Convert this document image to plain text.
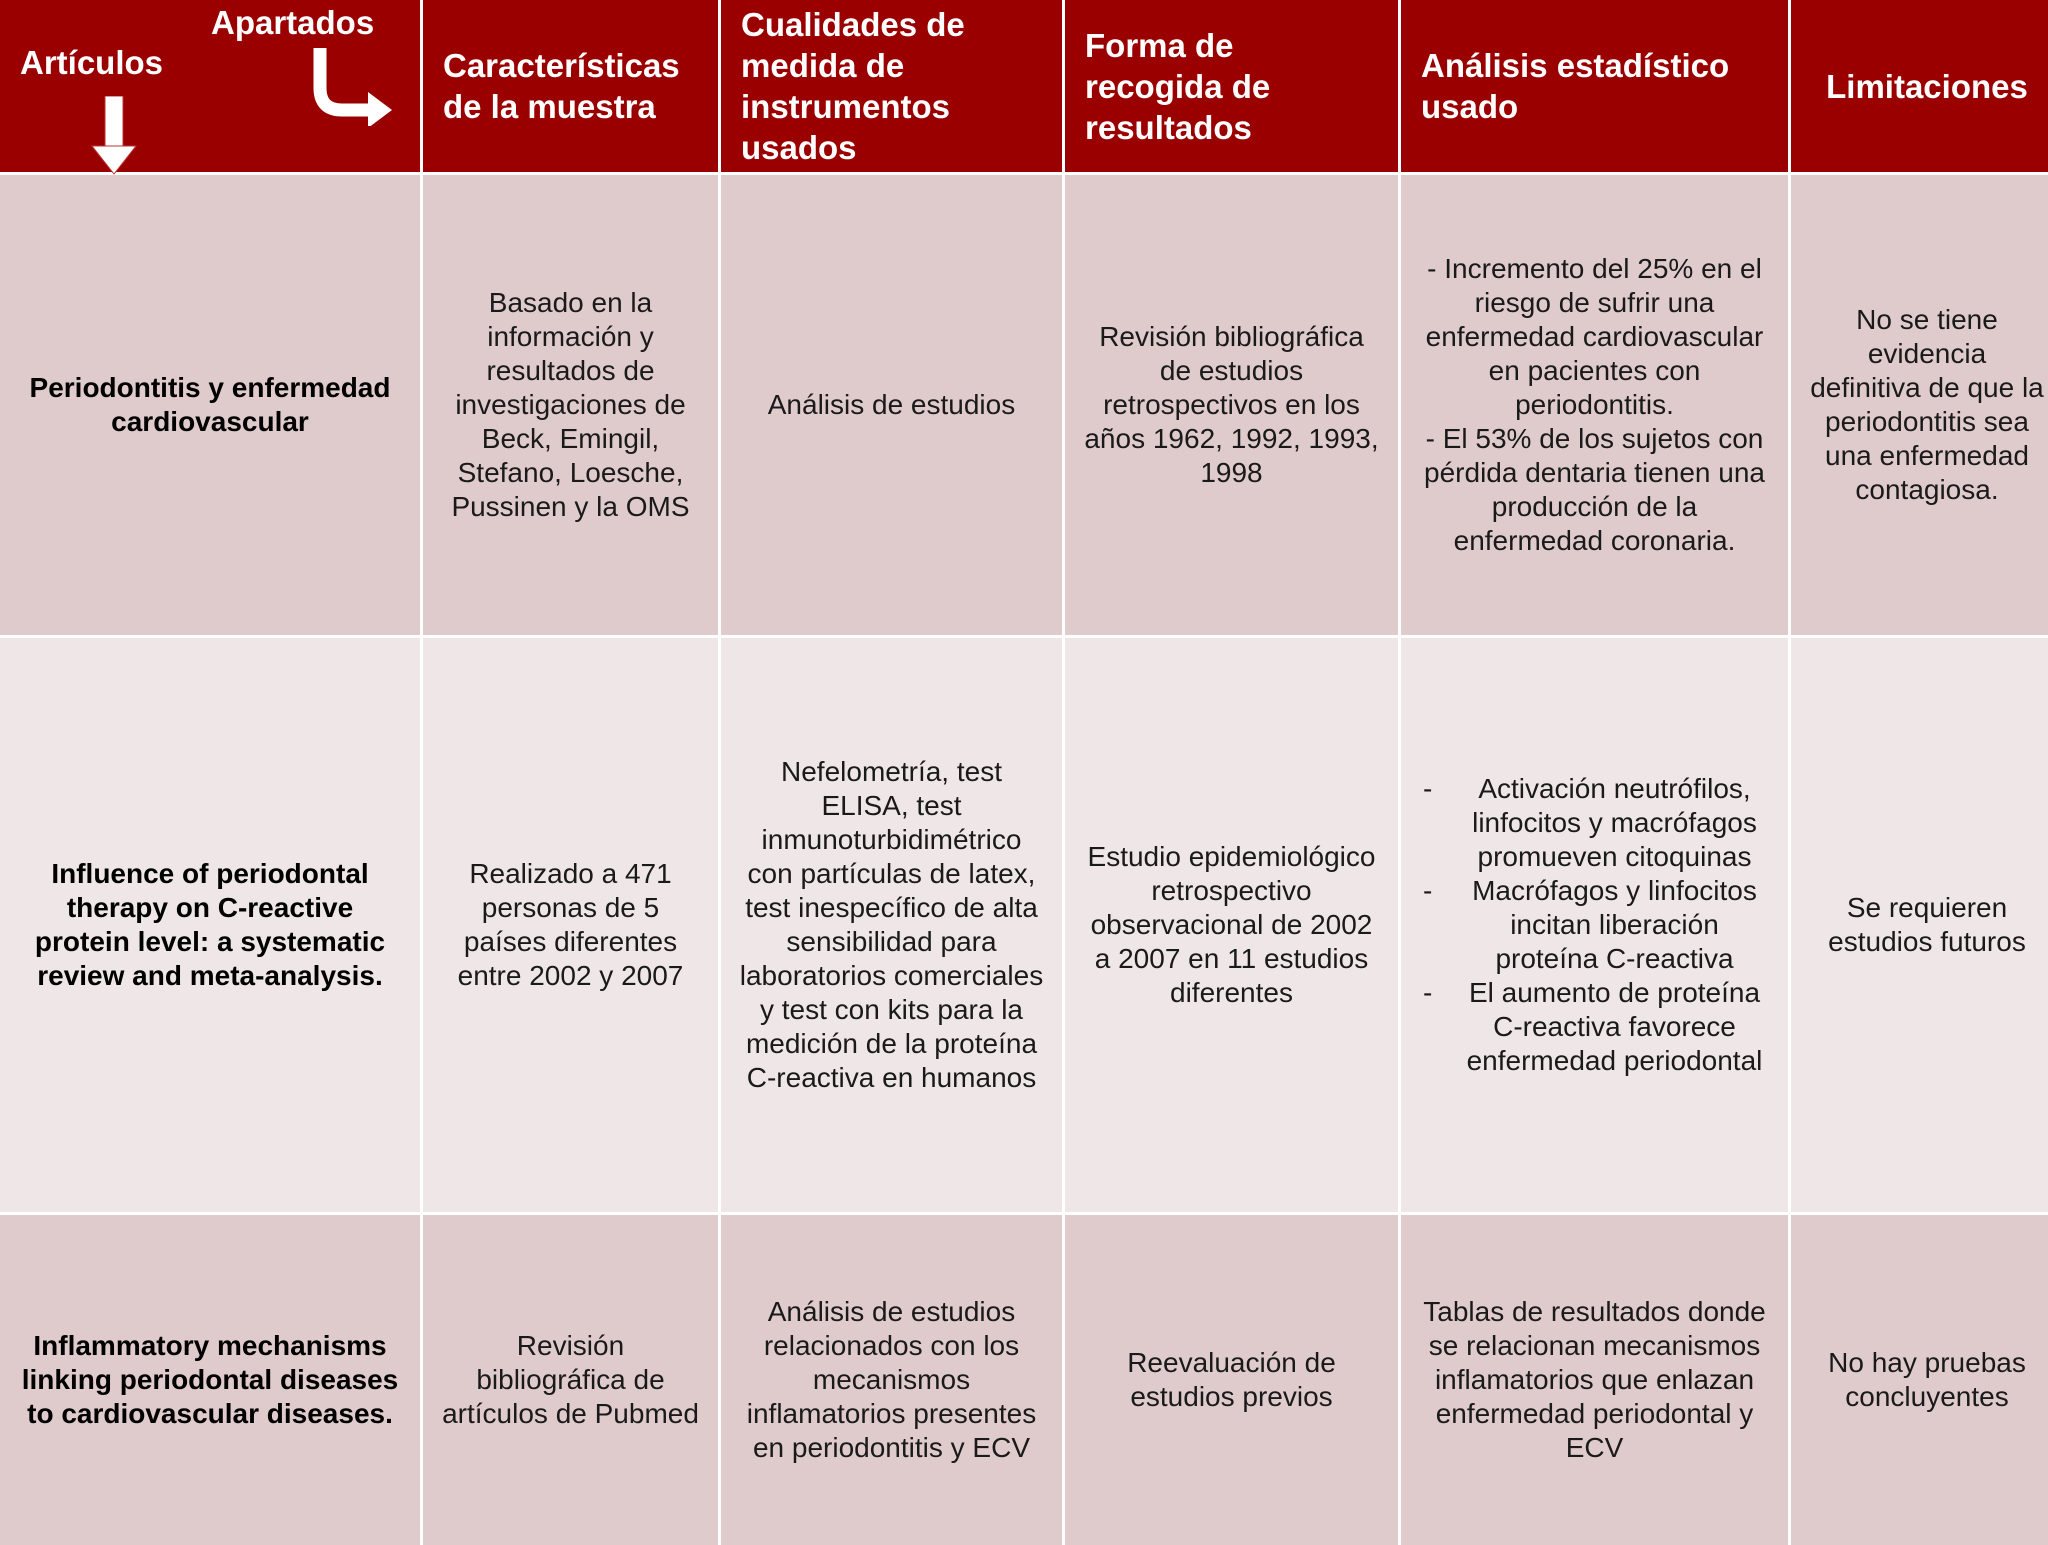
Apartados
Artículos	Características de la muestra
Cualidades de medida de instrumentos usados
Forma de recogida de resultados
Análisis estadístico usado
Limitaciones
Periodontitis y enfermedad cardiovascular
Basado en la información y resultados de investigaciones de Beck, Emingil, Stefano, Loesche, Pussinen y la OMS
Análisis de estudios
Revisión bibliográfica de estudios retrospectivos en los años 1962, 1992, 1993, 1998
- Incremento del 25% en el riesgo de sufrir una enfermedad cardiovascular en pacientes con periodontitis.
- El 53% de los sujetos con pérdida dentaria tienen una producción de la enfermedad coronaria.
No se tiene evidencia definitiva de que la periodontitis sea una enfermedad contagiosa.
Influence of periodontal therapy on C-reactive protein level: a systematic review and meta-analysis.
Realizado a 471 personas de 5 países diferentes entre 2002 y 2007
Nefelometría, test ELISA, test inmunoturbidimétrico con partículas de latex, test inespecífico de alta sensibilidad para laboratorios comerciales y test con kits para la medición de la proteína C-reactiva en humanos
Estudio epidemiológico retrospectivo observacional de 2002 a 2007 en 11 estudios diferentes
- Activación neutrófilos, linfocitos y macrófagos promueven citoquinas
- Macrófagos y linfocitos incitan liberación proteína C-reactiva
- El aumento de proteína C-reactiva favorece enfermedad periodontal
Se requieren estudios futuros
Inflammatory mechanisms linking periodontal diseases to cardiovascular diseases.
Revisión bibliográfica de artículos de Pubmed
Análisis de estudios relacionados con los mecanismos inflamatorios presentes en periodontitis y ECV
Reevaluación de estudios previos
Tablas de resultados donde se relacionan mecanismos inflamatorios que enlazan enfermedad periodontal y ECV
No hay pruebas concluyentes
